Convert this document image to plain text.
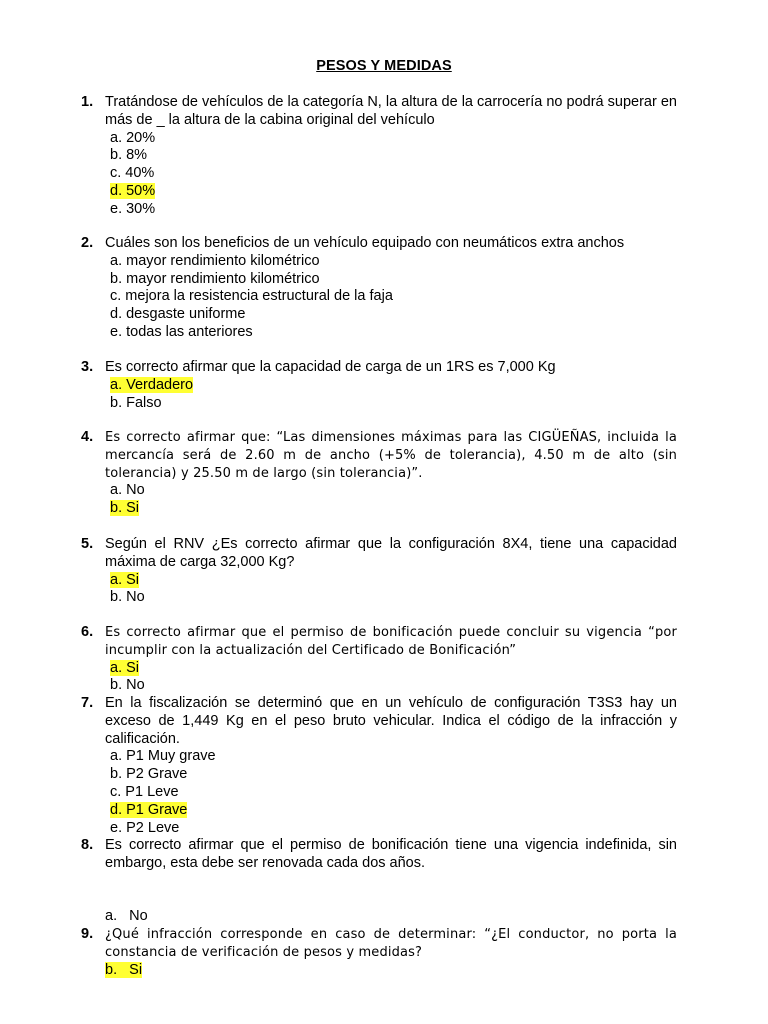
PESOS Y MEDIDAS
1. Tratándose de vehículos de la categoría N, la altura de la carrocería no podrá superar en más de _ la altura de la cabina original del vehículo
a. 20%
b. 8%
c. 40%
d. 50%
e. 30%
2. Cuáles son los beneficios de un vehículo equipado con neumáticos extra anchos
a. mayor rendimiento kilométrico
b. mayor rendimiento kilométrico
c. mejora la resistencia estructural de la faja
d. desgaste uniforme
e. todas las anteriores
3. Es correcto afirmar que la capacidad de carga de un 1RS es 7,000 Kg
a. Verdadero
b. Falso
4. Es correcto afirmar que: “Las dimensiones máximas para las CIGÜEÑAS, incluida la mercancía será de 2.60 m de ancho (+5% de tolerancia), 4.50 m de alto (sin tolerancia) y 25.50 m de largo (sin tolerancia)”.
a. No
b. Si
5. Según el RNV ¿Es correcto afirmar que la configuración 8X4, tiene una capacidad máxima de carga 32,000 Kg?
a. Si
b. No
6. Es correcto afirmar que el permiso de bonificación puede concluir su vigencia “por incumplir con la actualización del Certificado de Bonificación”
a. Si
b. No
7. En la fiscalización se determinó que en un vehículo de configuración T3S3 hay un exceso de 1,449 Kg en el peso bruto vehicular. Indica el código de la infracción y calificación.
a. P1 Muy grave
b. P2 Grave
c. P1 Leve
d. P1 Grave
e. P2 Leve
8. Es correcto afirmar que el permiso de bonificación tiene una vigencia indefinida, sin embargo, esta debe ser renovada cada dos años.

a.   No

b.   Si

9. ¿Qué infracción corresponde en caso de determinar: “¿El conductor, no porta la constancia de verificación de pesos y medidas?
